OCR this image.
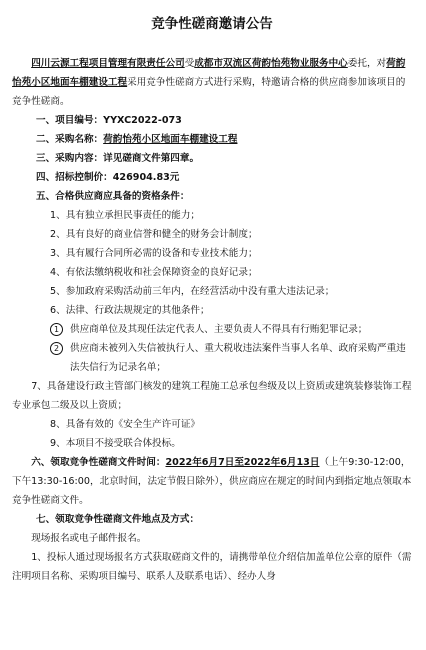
竞争性磋商邀请公告

四川云源工程项目管理有限责任公司受成都市双流区荷韵怡苑物业服务中心委托，对荷韵怡苑小区地面车棚建设工程采用竞争性磋商方式进行采购，特邀请合格的供应商参加该项目的竞争性磋商。

一、项目编号：YYXC2022-073

二、采购名称：荷韵怡苑小区地面车棚建设工程

三、采购内容：详见磋商文件第四章。

四、招标控制价：426904.83元

五、合格供应商应具备的资格条件：

1、具有独立承担民事责任的能力；

2、具有良好的商业信誉和健全的财务会计制度；

3、具有履行合同所必需的设备和专业技术能力；

4、有依法缴纳税收和社会保障资金的良好记录；

5、参加政府采购活动前三年内，在经营活动中没有重大违法记录；

6、法律、行政法规规定的其他条件；

1	供应商单位及其现任法定代表人、主要负责人不得具有行贿犯罪记录；
2	供应商未被列入失信被执行人、重大税收违法案件当事人名单、政府采购严重违法失信行为记录名单；

7、具备建设行政主管部门核发的建筑工程施工总承包叁级及以上资质或建筑装修装饰工程专业承包二级及以上资质；

8、具备有效的《安全生产许可证》

9、本项目不接受联合体投标。

六、领取竞争性磋商文件时间：2022年6月7日至2022年6月13日（上午9:30-12:00，下午13:30-16:00，北京时间，法定节假日除外），供应商应在规定的时间内到指定地点领取本竞争性磋商文件。

七、领取竞争性磋商文件地点及方式：

现场报名或电子邮件报名。

1、投标人通过现场报名方式获取磋商文件的，请携带单位介绍信加盖单位公章的原件（需注明项目名称、采购项目编号、联系人及联系电话）、经办人身
